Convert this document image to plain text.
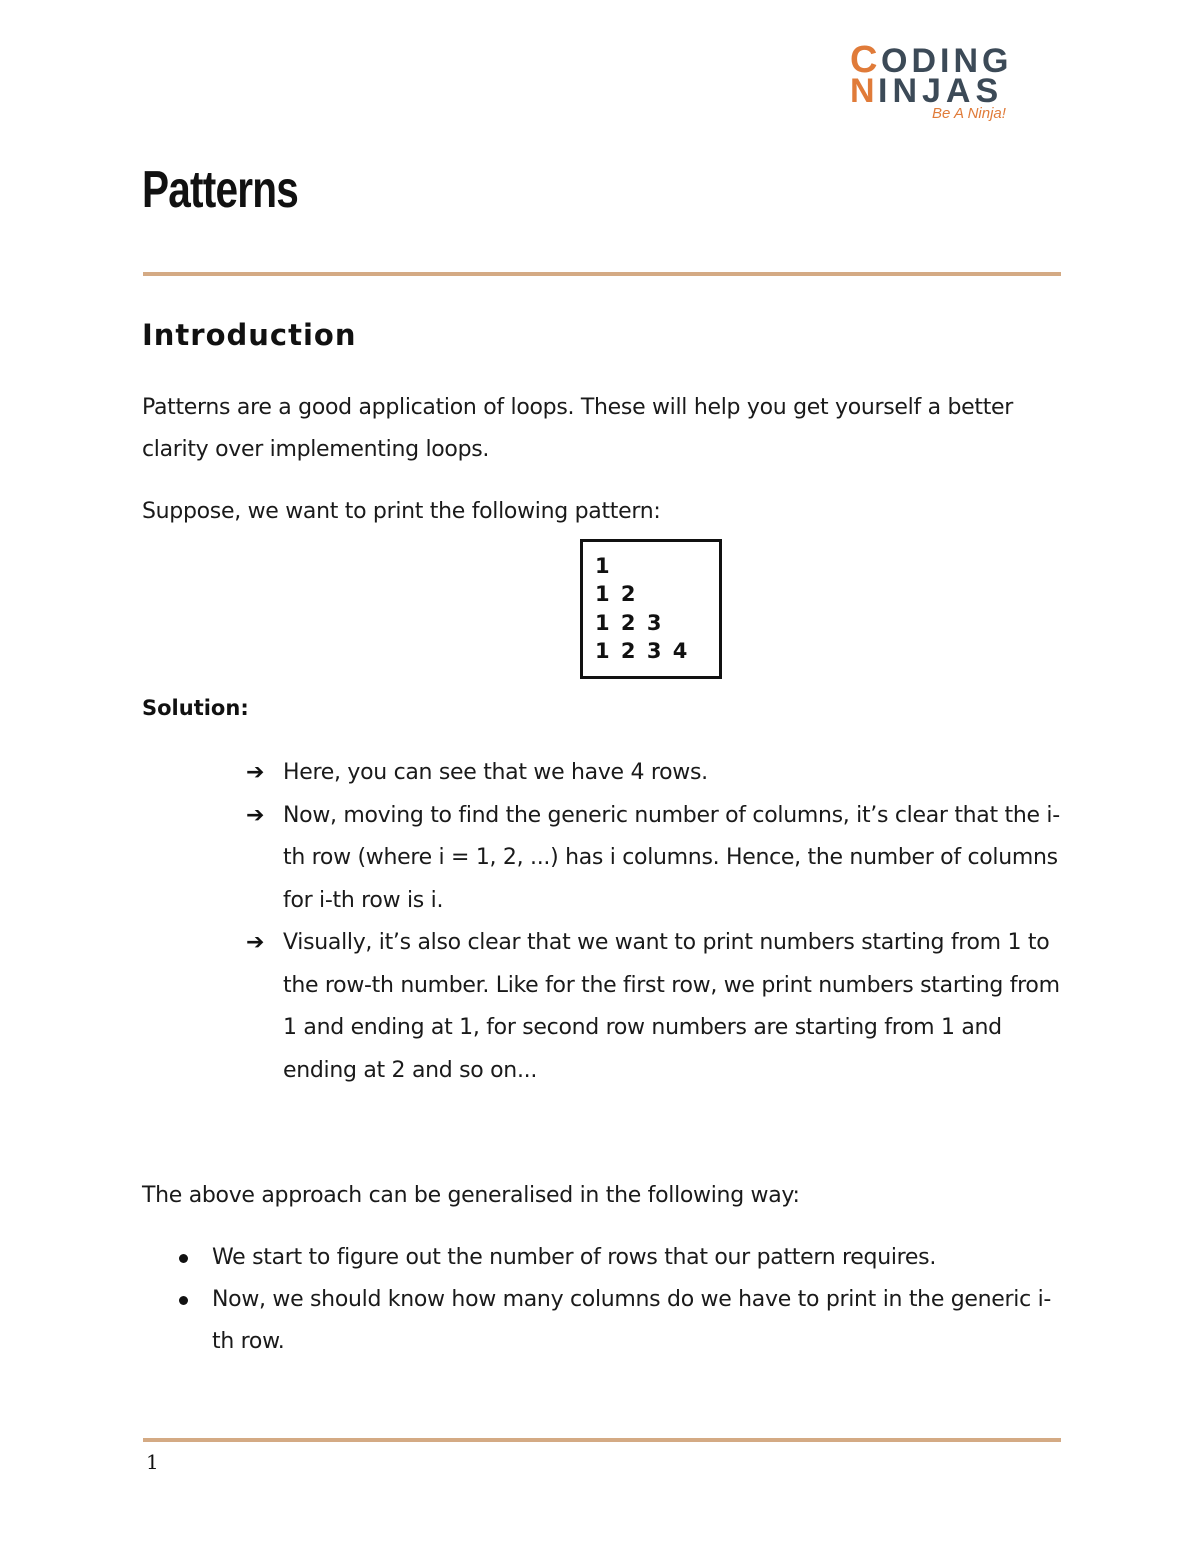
C ODING
N INJAS
Be A Ninja!
Patterns
Introduction

Patterns are a good application of loops. These will help you get yourself a better clarity over implementing loops.

Suppose, we want to print the following pattern:

1
1 2
1 2 3
1 2 3 4

Solution:

➔ Here, you can see that we have 4 rows.
➔ Now, moving to find the generic number of columns, it’s clear that the i-th row (where i = 1, 2, ...) has i columns. Hence, the number of columns for i-th row is i.
➔ Visually, it’s also clear that we want to print numbers starting from 1 to the row-th number. Like for the first row, we print numbers starting from 1 and ending at 1, for second row numbers are starting from 1 and ending at 2 and so on...

The above approach can be generalised in the following way:

We start to figure out the number of rows that our pattern requires.
Now, we should know how many columns do we have to print in the generic i-th row.
1
